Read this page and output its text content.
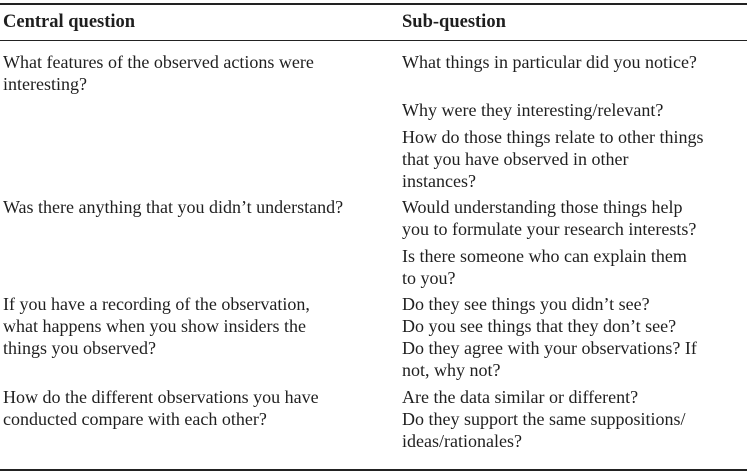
Central question	Sub-question
What features of the observed actions were
interesting?
What things in particular did you notice?
Why were they interesting/relevant?
How do those things relate to other things
that you have observed in other
instances?
Was there anything that you didn’t understand?	Would understanding those things help
you to formulate your research interests?
Is there someone who can explain them
to you?
If you have a recording of the observation,
what happens when you show insiders the
things you observed?
Do they see things you didn’t see?
Do you see things that they don’t see?
Do they agree with your observations? If
not, why not?
How do the different observations you have
conducted compare with each other?
Are the data similar or different?
Do they support the same suppositions/
ideas/rationales?
